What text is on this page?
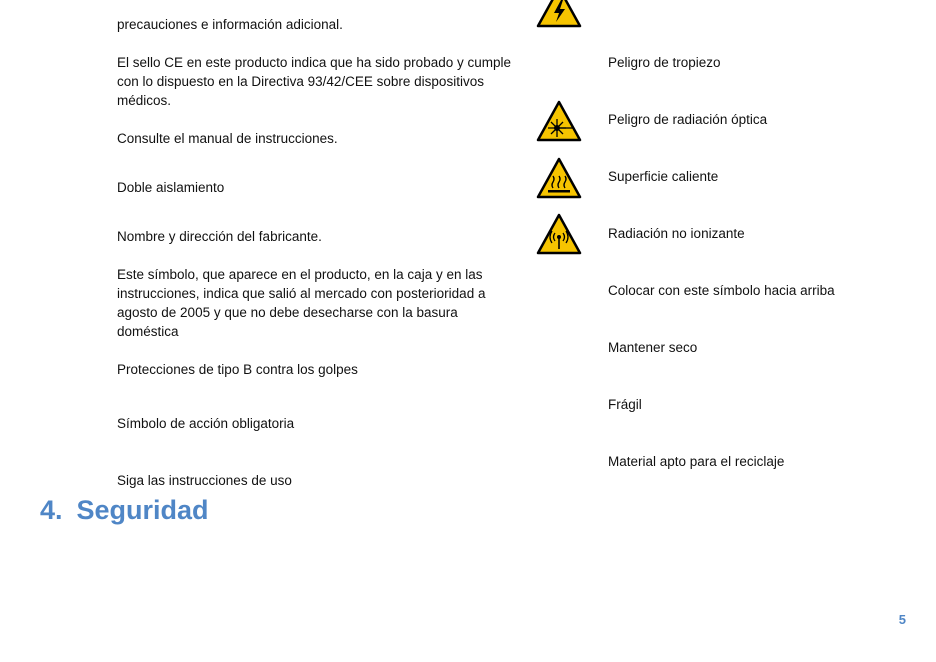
precauciones e información adicional.

El sello CE en este producto indica que ha sido probado y cumple con lo dispuesto en la Directiva 93/42/CEE sobre dispositivos médicos.

Consulte el manual de instrucciones.

Doble aislamiento

Nombre y dirección del fabricante.

Este símbolo, que aparece en el producto, en la caja y en las instrucciones, indica que salió al mercado con posterioridad a agosto de 2005 y que no debe desecharse con la basura doméstica

Protecciones de tipo B contra los golpes

Símbolo de acción obligatoria

Siga las instrucciones de uso

Peligro de tropiezo

Peligro de radiación óptica

Superficie caliente

Radiación no ionizante

Colocar con este símbolo hacia arriba

Mantener seco

Frágil

Material apto para el reciclaje

4. Seguridad
5
